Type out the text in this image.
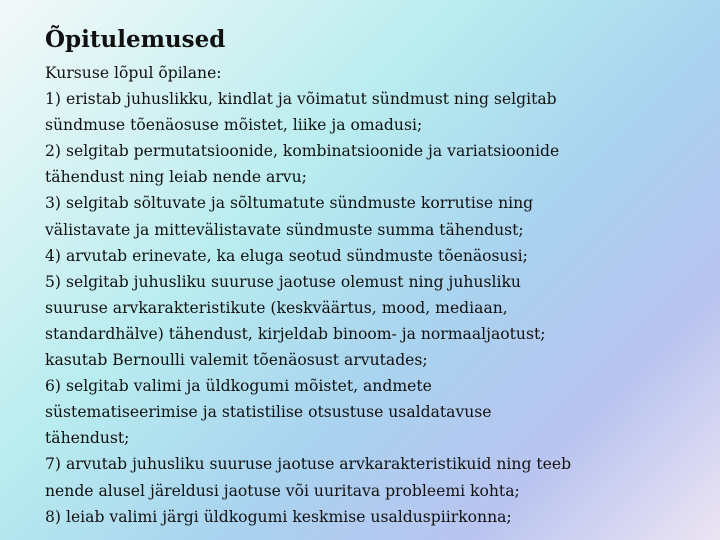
Õpitulemused

Kursuse lõpul õpilane:

1) eristab juhuslikku, kindlat ja võimatut sündmust ning selgitab

sündmuse tõenäosuse mõistet, liike ja omadusi;

2) selgitab permutatsioonide, kombinatsioonide ja variatsioonide

tähendust ning leiab nende arvu;

3) selgitab sõltuvate ja sõltumatute sündmuste korrutise ning

välistavate ja mittevälistavate sündmuste summa tähendust;

4) arvutab erinevate, ka eluga seotud sündmuste tõenäosusi;

5) selgitab juhusliku suuruse jaotuse olemust ning juhusliku

suuruse arvkarakteristikute (keskväärtus, mood, mediaan,

standardhälve) tähendust, kirjeldab binoom- ja normaaljaotust;

kasutab Bernoulli valemit tõenäosust arvutades;

6) selgitab valimi ja üldkogumi mõistet, andmete

süstematiseerimise ja statistilise otsustuse usaldatavuse

tähendust;

7) arvutab juhusliku suuruse jaotuse arvkarakteristikuid ning teeb

nende alusel järeldusi jaotuse või uuritava probleemi kohta;

8) leiab valimi järgi üldkogumi keskmise usalduspiirkonna;
